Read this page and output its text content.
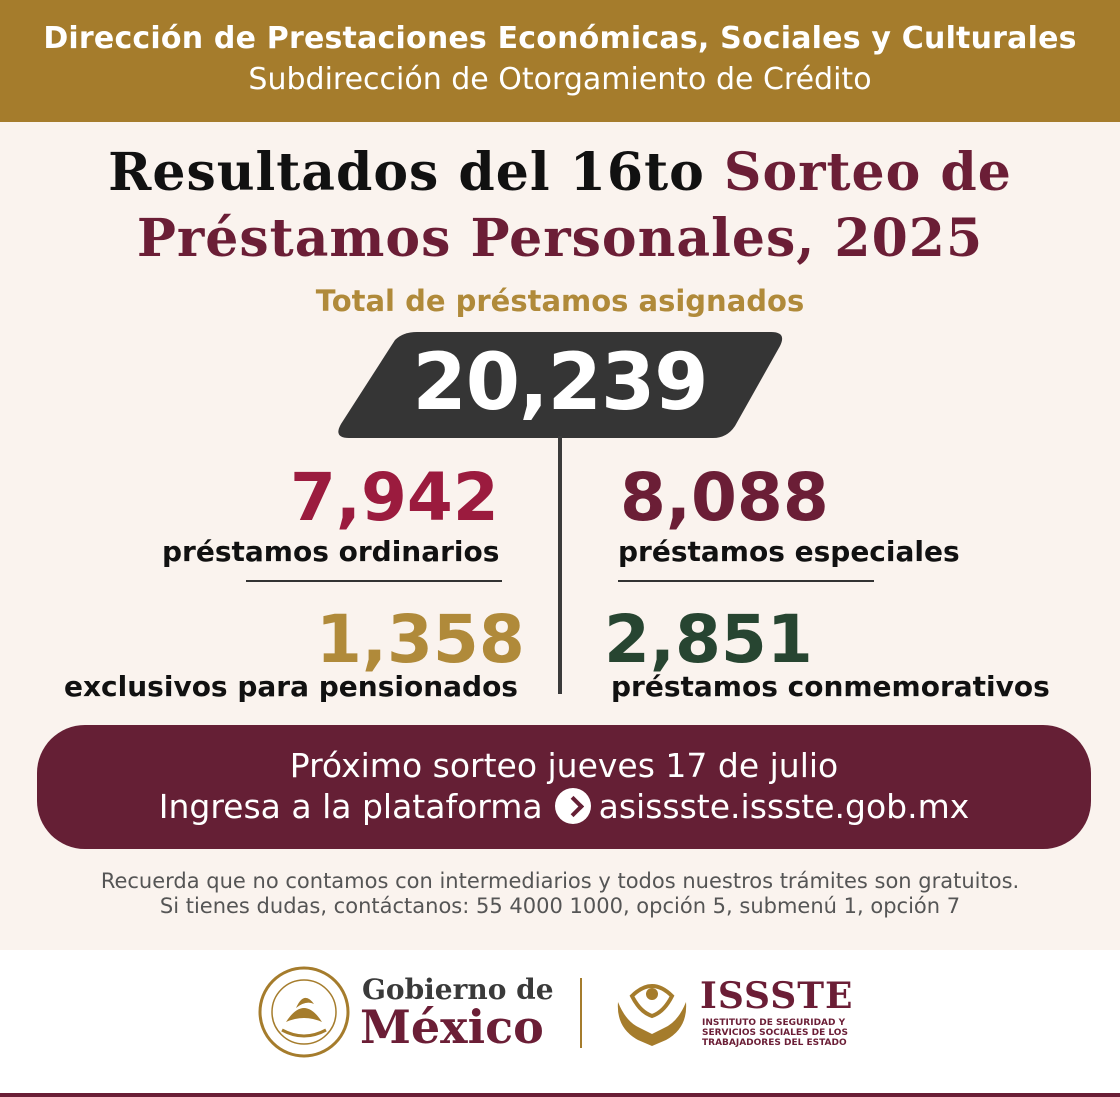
Dirección de Prestaciones Económicas, Sociales y Culturales
Subdirección de Otorgamiento de Crédito
Resultados del 16to Sorteo de
Préstamos Personales, 2025
Total de préstamos asignados
20,239
7,942
préstamos ordinarios
8,088
préstamos especiales
1,358
exclusivos para pensionados
2,851
préstamos conmemorativos
Próximo sorteo jueves 17 de julio
Ingresa a la plataforma asissste.issste.gob.mx
Recuerda que no contamos con intermediarios y todos nuestros trámites son gratuitos.
Si tienes dudas, contáctanos: 55 4000 1000, opción 5, submenú 1, opción 7
Gobierno de
México
ISSSTE
INSTITUTO DE SEGURIDAD Y SERVICIOS SOCIALES DE LOS TRABAJADORES DEL ESTADO
